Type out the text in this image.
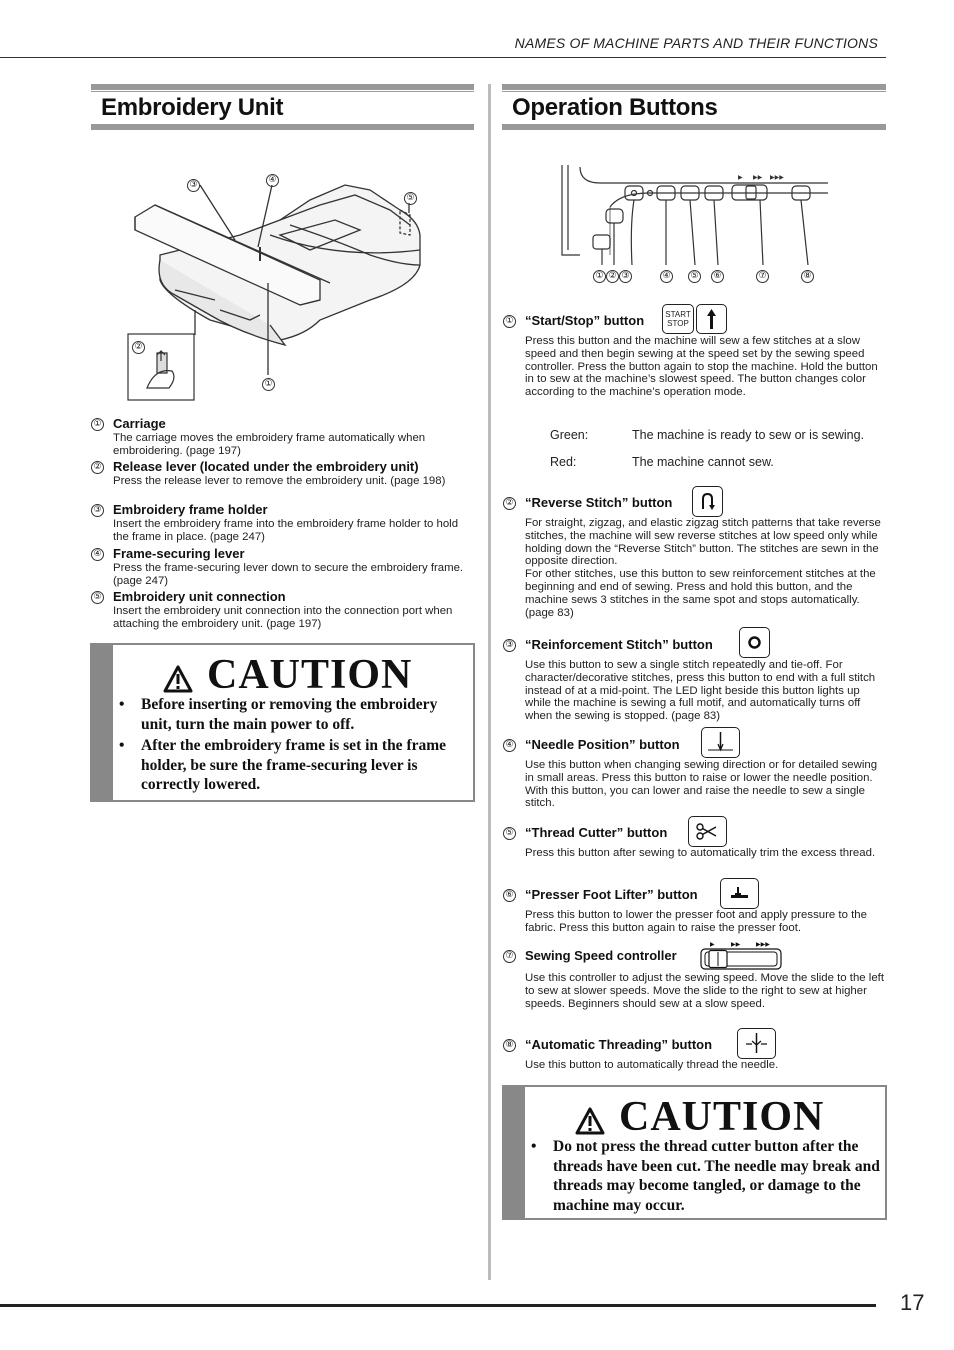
NAMES OF MACHINE PARTS AND THEIR FUNCTIONS
Embroidery Unit
③	④
⑤
①
②
① Carriage
The carriage moves the embroidery frame automatically when embroidering. (page 197)
② Release lever (located under the embroidery unit)
Press the release lever to remove the embroidery unit. (page 198)
③ Embroidery frame holder
Insert the embroidery frame into the embroidery frame holder to hold the frame in place. (page 247)
④ Frame-securing lever
Press the frame-securing lever down to secure the embroidery frame. (page 247)
⑤ Embroidery unit connection
Insert the embroidery unit connection into the connection port when attaching the embroidery unit. (page 197)
CAUTION
• Before inserting or removing the embroidery unit, turn the main power to off.
• After the embroidery frame is set in the frame holder, be sure the frame-securing lever is correctly lowered.
Operation Buttons
▶ ▶▶ ▶▶▶
① ② ③	④ ⑤ ⑥	⑦	⑧
① “Start/Stop” button
Press this button and the machine will sew a few stitches at a slow speed and then begin sewing at the speed set by the sewing speed controller. Press the button again to stop the machine. Hold the button in to sew at the machine’s slowest speed. The button changes color according to the machine’s operation mode.
START
STOP
Green:	The machine is ready to sew or is sewing.
Red:	The machine cannot sew.
② “Reverse Stitch” button
For straight, zigzag, and elastic zigzag stitch patterns that take reverse stitches, the machine will sew reverse stitches at low speed only while holding down the “Reverse Stitch” button. The stitches are sewn in the opposite direction.
For other stitches, use this button to sew reinforcement stitches at the beginning and end of sewing. Press and hold this button, and the machine sews 3 stitches in the same spot and stops automatically. (page 83)
③ “Reinforcement Stitch” button
Use this button to sew a single stitch repeatedly and tie-off. For character/decorative stitches, press this button to end with a full stitch instead of at a mid-point. The LED light beside this button lights up while the machine is sewing a full motif, and automatically turns off when the sewing is stopped. (page 83)
④ “Needle Position” button
Use this button when changing sewing direction or for detailed sewing in small areas. Press this button to raise or lower the needle position. With this button, you can lower and raise the needle to sew a single stitch.
⑤ “Thread Cutter” button
Press this button after sewing to automatically trim the excess thread.
⑥ “Presser Foot Lifter” button
Press this button to lower the presser foot and apply pressure to the fabric. Press this button again to raise the presser foot.
⑦ Sewing Speed controller
Use this controller to adjust the sewing speed. Move the slide to the left to sew at slower speeds. Move the slide to the right to sew at higher speeds. Beginners should sew at a slow speed.
▶	▶▶	▶▶▶
⑧ “Automatic Threading” button
Use this button to automatically thread the needle.
CAUTION
• Do not press the thread cutter button after the threads have been cut. The needle may break and threads may become tangled, or damage to the machine may occur.
17
